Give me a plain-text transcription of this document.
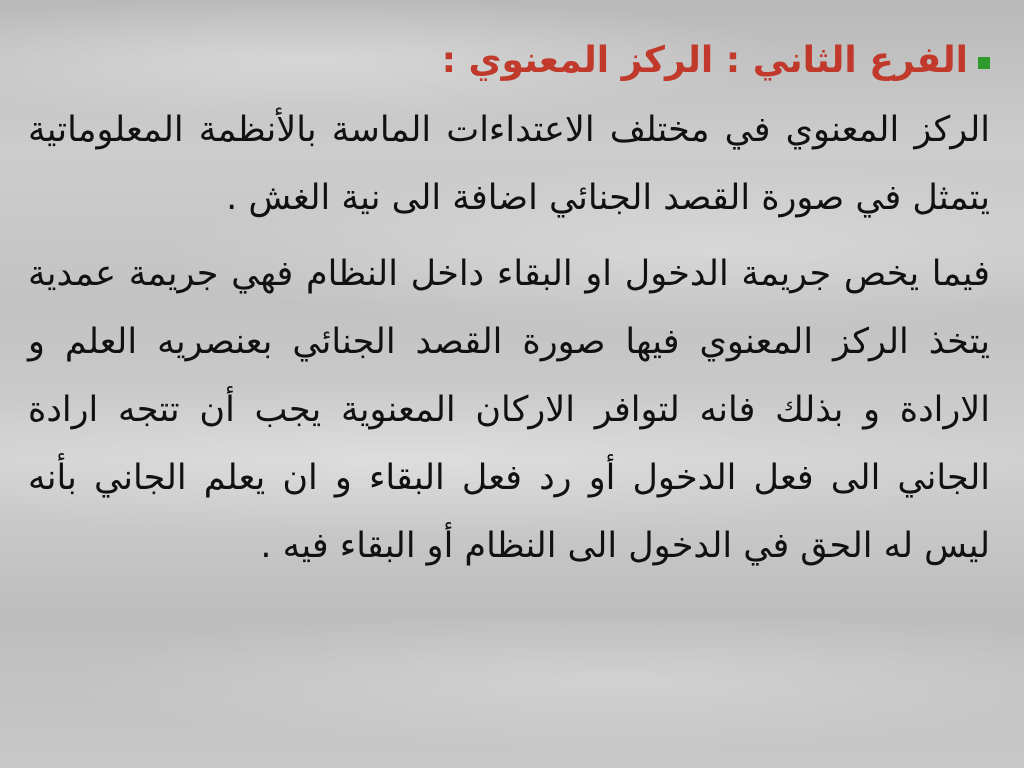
الفرع الثاني : الركز المعنوي :

الركز المعنوي في مختلف الاعتداءات الماسة بالأنظمة المعلوماتية يتمثل في صورة القصد الجنائي اضافة الى نية الغش .

فيما يخص جريمة الدخول او البقاء داخل النظام فهي جريمة عمدية يتخذ الركز المعنوي فيها صورة القصد الجنائي بعنصريه العلم و الارادة و بذلك فانه لتوافر الاركان المعنوية يجب أن تتجه ارادة الجاني الى فعل الدخول أو رد فعل البقاء و ان يعلم الجاني بأنه ليس له الحق في الدخول الى النظام أو البقاء فيه .
